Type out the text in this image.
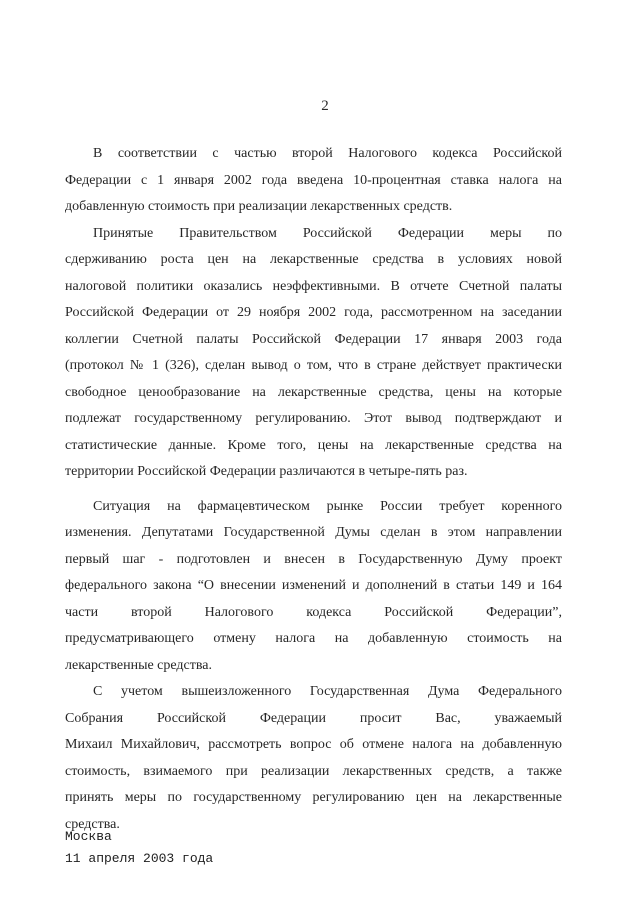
2

В соответствии с частью второй Налогового кодекса Российской
Федерации с 1 января 2002 года введена 10-процентная ставка налога на
добавленную стоимость при реализации лекарственных средств.

Принятые Правительством Российской Федерации меры по
сдерживанию роста цен на лекарственные средства в условиях новой
налоговой политики оказались неэффективными. В отчете Счетной палаты
Российской Федерации от 29 ноября 2002 года, рассмотренном на заседании
коллегии Счетной палаты Российской Федерации 17 января 2003 года
(протокол № 1 (326), сделан вывод о том, что в стране действует практически
свободное ценообразование на лекарственные средства, цены на которые
подлежат государственному регулированию. Этот вывод подтверждают и
статистические данные. Кроме того, цены на лекарственные средства на
территории Российской Федерации различаются в четыре-пять раз.

Ситуация на фармацевтическом рынке России требует коренного
изменения. Депутатами Государственной Думы сделан в этом направлении
первый шаг - подготовлен и внесен в Государственную Думу проект
федерального закона “О внесении изменений и дополнений в статьи 149 и 164
части второй Налогового кодекса Российской Федерации”,
предусматривающего отмену налога на добавленную стоимость на
лекарственные средства.

С учетом вышеизложенного Государственная Дума Федерального
Собрания Российской Федерации просит Вас, уважаемый
Михаил Михайлович, рассмотреть вопрос об отмене налога на добавленную
стоимость, взимаемого при реализации лекарственных средств, а также
принять меры по государственному регулированию цен на лекарственные
средства.

Москва
11 апреля 2003 года
